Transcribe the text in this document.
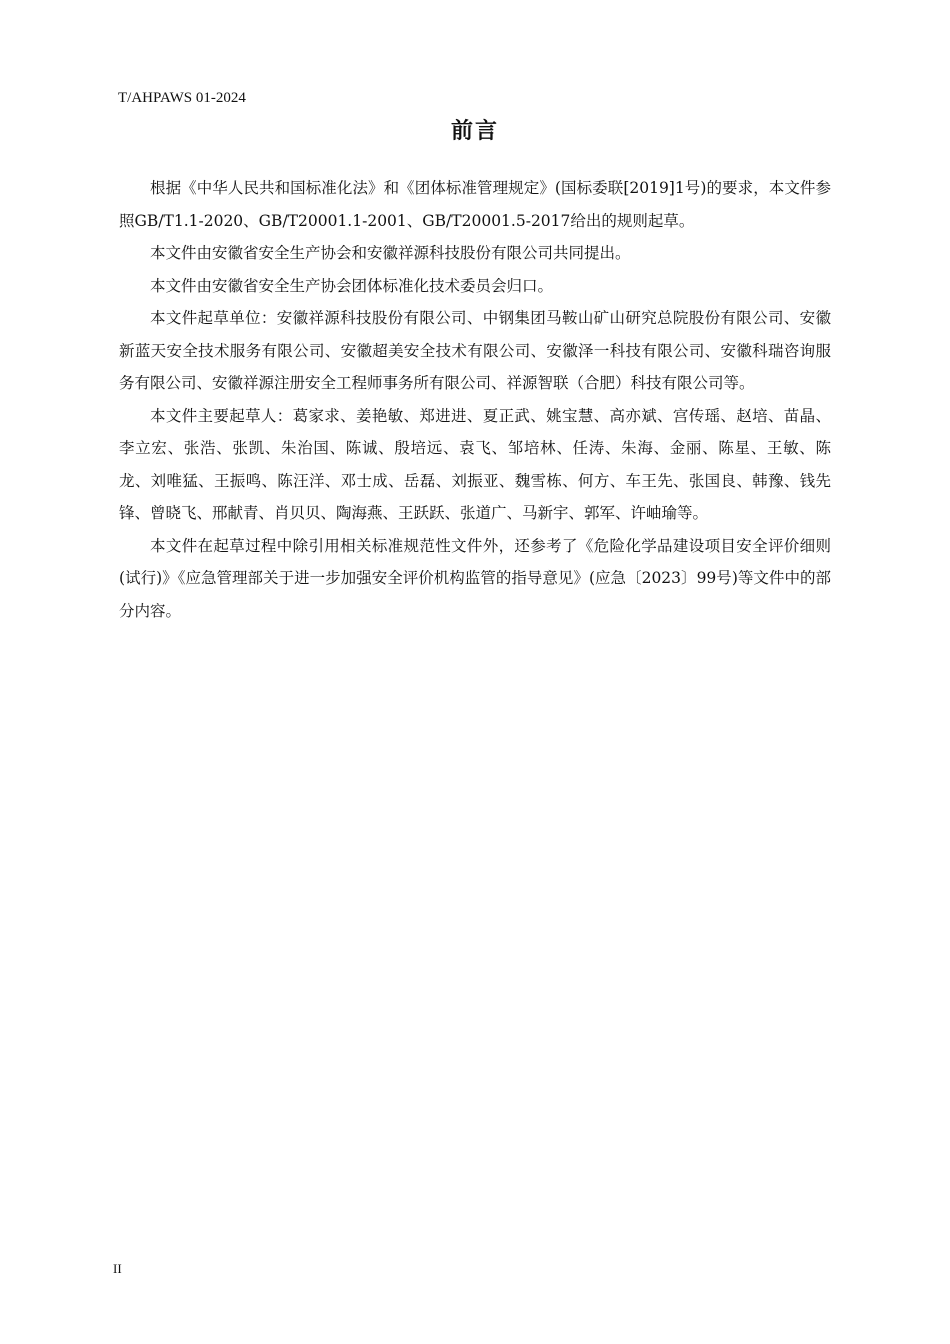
T/AHPAWS 01-2024
前言

根据《中华人民共和国标准化法》和《团体标准管理规定》(国标委联[2019]1号)的要求，本文件参照GB/T1.1-2020、GB/T20001.1-2001、GB/T20001.5-2017给出的规则起草。

本文件由安徽省安全生产协会和安徽祥源科技股份有限公司共同提出。

本文件由安徽省安全生产协会团体标准化技术委员会归口。

本文件起草单位：安徽祥源科技股份有限公司、中钢集团马鞍山矿山研究总院股份有限公司、安徽新蓝天安全技术服务有限公司、安徽超美安全技术有限公司、安徽泽一科技有限公司、安徽科瑞咨询服务有限公司、安徽祥源注册安全工程师事务所有限公司、祥源智联（合肥）科技有限公司等。

本文件主要起草人：葛家求、姜艳敏、郑进进、夏正武、姚宝慧、高亦斌、宫传瑶、赵培、苗晶、李立宏、张浩、张凯、朱治国、陈诚、殷培远、袁飞、邹培林、任涛、朱海、金丽、陈星、王敏、陈龙、刘唯猛、王振鸣、陈汪洋、邓士成、岳磊、刘振亚、魏雪栋、何方、车王先、张国良、韩豫、钱先锋、曾晓飞、邢献青、肖贝贝、陶海燕、王跃跃、张道广、马新宇、郭军、许岫瑜等。

本文件在起草过程中除引用相关标准规范性文件外，还参考了《危险化学品建设项目安全评价细则(试行)》《应急管理部关于进一步加强安全评价机构监管的指导意见》(应急〔2023〕99号)等文件中的部分内容。

II
